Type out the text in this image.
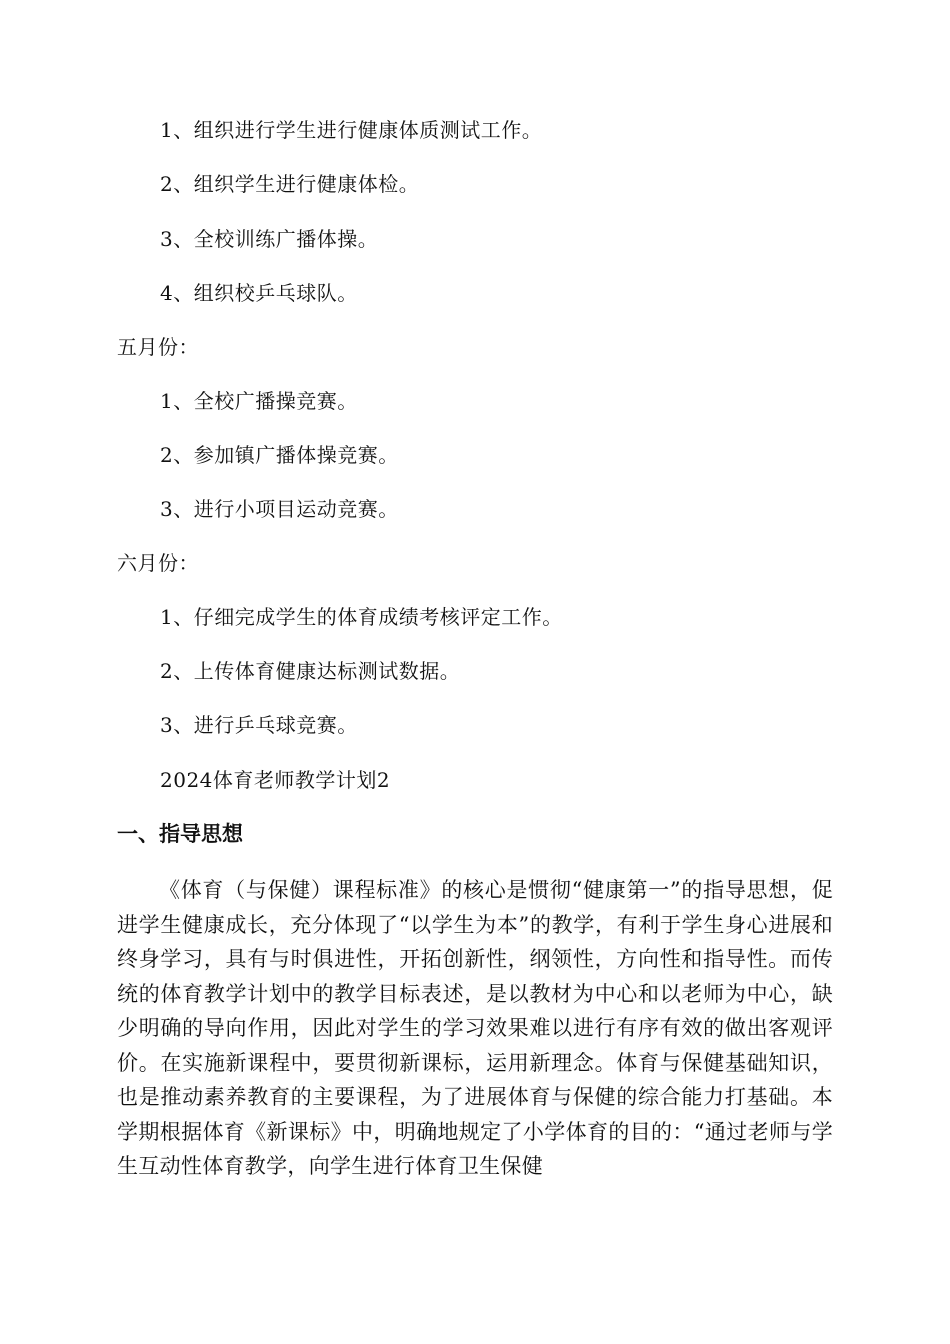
1、组织进行学生进行健康体质测试工作。
2、组织学生进行健康体检。
3、全校训练广播体操。
4、组织校乒乓球队。
五月份：
1、全校广播操竞赛。
2、参加镇广播体操竞赛。
3、进行小项目运动竞赛。
六月份：
1、仔细完成学生的体育成绩考核评定工作。
2、上传体育健康达标测试数据。
3、进行乒乓球竞赛。
2024体育老师教学计划2
一、指导思想
《体育（与保健）课程标准》的核心是惯彻“健康第一”的指导思想，促进学生健康成长，充分体现了“以学生为本”的教学，有利于学生身心进展和终身学习，具有与时俱进性，开拓创新性，纲领性，方向性和指导性。而传统的体育教学计划中的教学目标表述，是以教材为中心和以老师为中心，缺少明确的导向作用，因此对学生的学习效果难以进行有序有效的做出客观评价。在实施新课程中，要贯彻新课标，运用新理念。体育与保健基础知识，也是推动素养教育的主要课程，为了进展体育与保健的综合能力打基础。本学期根据体育《新课标》中，明确地规定了小学体育的目的：“通过老师与学生互动性体育教学，向学生进行体育卫生保健
